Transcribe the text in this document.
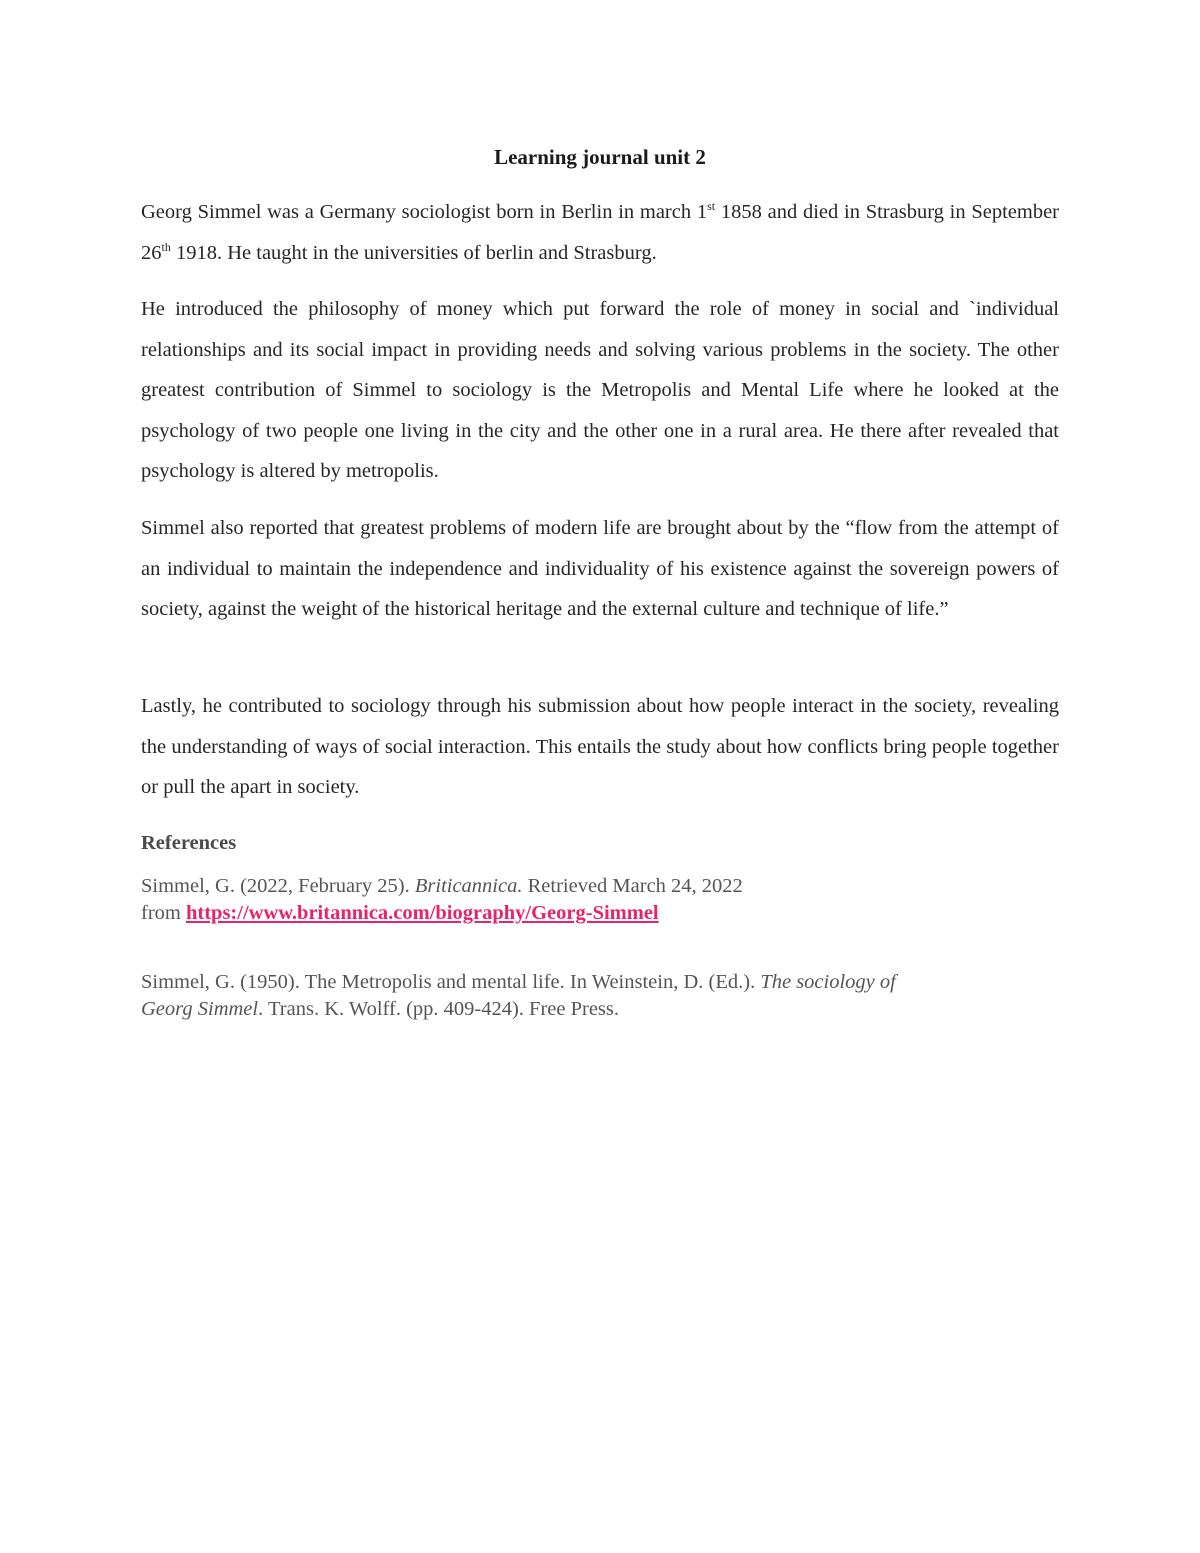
Learning journal unit 2
Georg Simmel was a Germany sociologist born in Berlin in march 1st 1858 and died in Strasburg in September 26th 1918. He taught in the universities of berlin and Strasburg.
He introduced the philosophy of money which put forward the role of money in social and `individual relationships and its social impact in providing needs and solving various problems in the society. The other greatest contribution of Simmel to sociology is the Metropolis and Mental Life where he looked at the psychology of two people one living in the city and the other one in a rural area. He there after revealed that psychology is altered by metropolis.
Simmel also reported that greatest problems of modern life are brought about by the “flow from the attempt of an individual to maintain the independence and individuality of his existence against the sovereign powers of society, against the weight of the historical heritage and the external culture and technique of life.”
Lastly, he contributed to sociology through his submission about how people interact in the society, revealing the understanding of ways of social interaction. This entails the study about how conflicts bring people together or pull the apart in society.
References
Simmel, G. (2022, February 25). Briticannica. Retrieved March 24, 2022
from https://www.britannica.com/biography/Georg-Simmel
Simmel, G. (1950). The Metropolis and mental life. In Weinstein, D. (Ed.). The sociology of
Georg Simmel. Trans. K. Wolff. (pp. 409-424). Free Press.
